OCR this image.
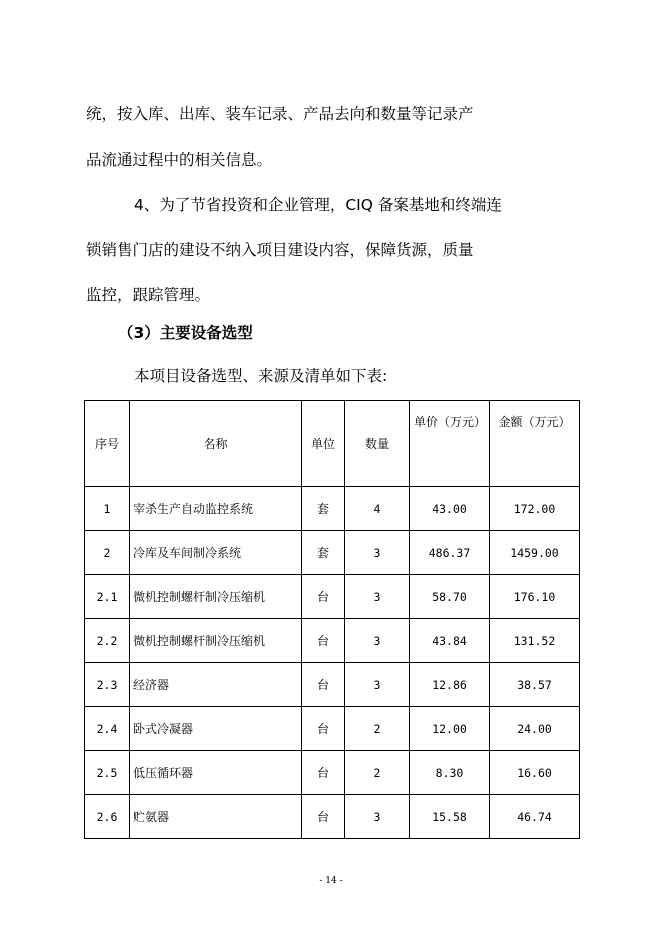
统，按入库、出库、装车记录、产品去向和数量等记录产
品流通过程中的相关信息。
4、为了节省投资和企业管理，CIQ 备案基地和终端连
锁销售门店的建设不纳入项目建设内容，保障货源，质量
监控，跟踪管理。
（3）主要设备选型
本项目设备选型、来源及清单如下表:
序号	名称	单位	数量	单价（万元）	金额（万元）
1	宰杀生产自动监控系统	套	4	43.00	172.00
2	冷库及车间制冷系统	套	3	486.37	1459.00
2.1	微机控制螺杆制冷压缩机	台	3	58.70	176.10
2.2	微机控制螺杆制冷压缩机	台	3	43.84	131.52
2.3	经济器	台	3	12.86	38.57
2.4	卧式冷凝器	台	2	12.00	24.00
2.5	低压循环器	台	2	8.30	16.60
2.6	贮氨器	台	3	15.58	46.74
- 14 -
